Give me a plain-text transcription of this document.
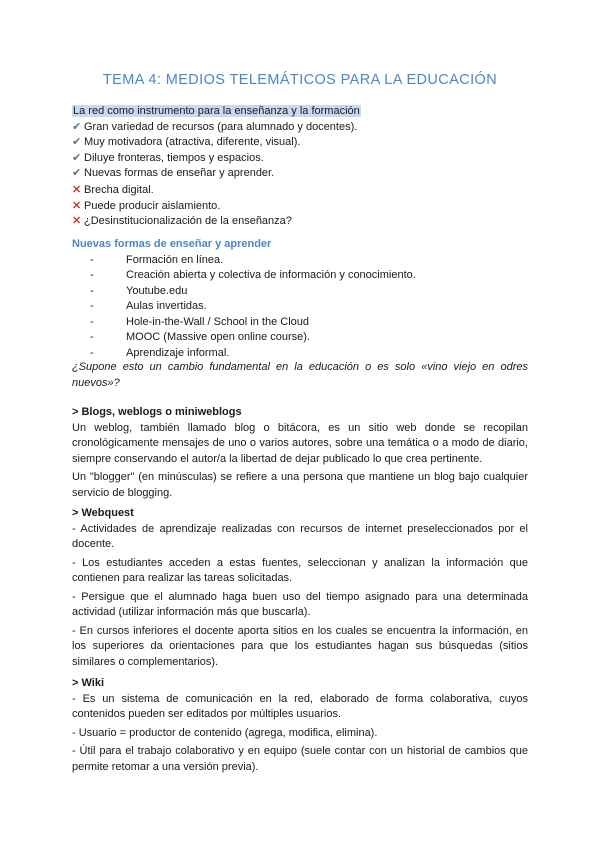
TEMA 4: MEDIOS TELEMÁTICOS PARA LA EDUCACIÓN
La red como instrumento para la enseñanza y la formación
✔ Gran variedad de recursos (para alumnado y docentes).
✔ Muy motivadora (atractiva, diferente, visual).
✔ Diluye fronteras, tiempos y espacios.
✔ Nuevas formas de enseñar y aprender.
✕ Brecha digital.
✕ Puede producir aislamiento.
✕ ¿Desinstitucionalización de la enseñanza?
Nuevas formas de enseñar y aprender
-	Formación en línea.
-	Creación abierta y colectiva de información y conocimiento.
-	Youtube.edu
-	Aulas invertidas.
-	Hole-in-the-Wall / School in the Cloud
-	MOOC (Massive open online course).
-	Aprendizaje informal.
¿Supone esto un cambio fundamental en la educación o es solo «vino viejo en odres nuevos»?
> Blogs, weblogs o miniweblogs

Un weblog, también llamado blog o bitácora, es un sitio web donde se recopilan cronológicamente mensajes de uno o varios autores, sobre una temática o a modo de diario, siempre conservando el autor/a la libertad de dejar publicado lo que crea pertinente.

Un "blogger" (en minúsculas) se refiere a una persona que mantiene un blog bajo cualquier servicio de blogging.

> Webquest

- Actividades de aprendizaje realizadas con recursos de internet preseleccionados por el docente.

- Los estudiantes acceden a estas fuentes, seleccionan y analizan la información que contienen para realizar las tareas solicitadas.

- Persigue que el alumnado haga buen uso del tiempo asignado para una determinada actividad (utilizar información más que buscarla).

- En cursos inferiores el docente aporta sitios en los cuales se encuentra la información, en los superiores da orientaciones para que los estudiantes hagan sus búsquedas (sitios similares o complementarios).

> Wiki

- Es un sistema de comunicación en la red, elaborado de forma colaborativa, cuyos contenidos pueden ser editados por múltiples usuarios.

- Usuario = productor de contenido (agrega, modifica, elimina).

- Útil para el trabajo colaborativo y en equipo (suele contar con un historial de cambios que permite retomar a una versión previa).
